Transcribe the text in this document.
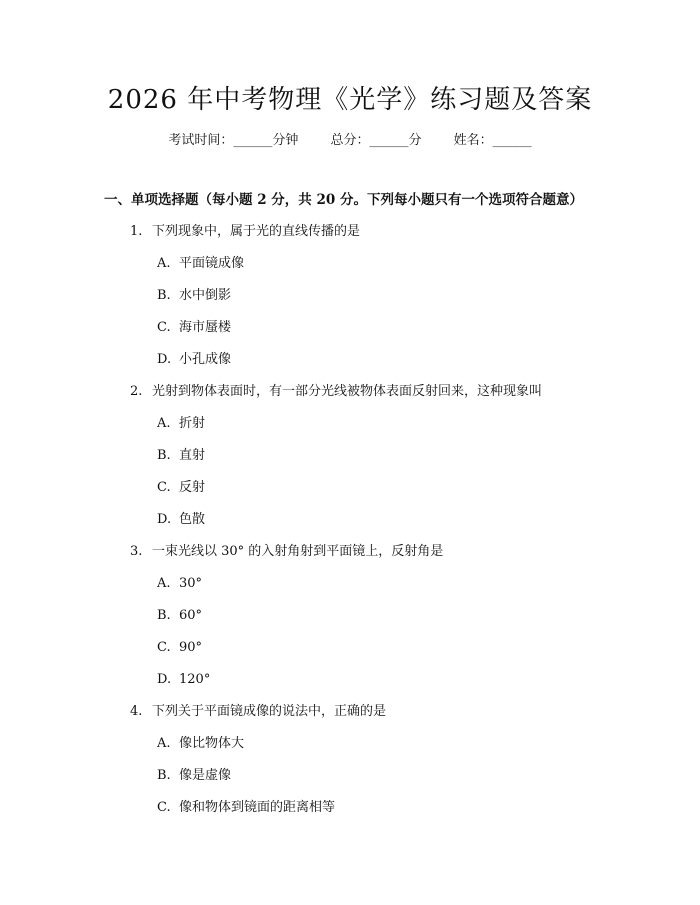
2026 年中考物理《光学》练习题及答案
考试时间：______分钟 总分：______分 姓名：______
一、单项选择题（每小题 2 分，共 20 分。下列每小题只有一个选项符合题意）
1. 下列现象中，属于光的直线传播的是
A. 平面镜成像
B. 水中倒影
C. 海市蜃楼
D. 小孔成像
2. 光射到物体表面时，有一部分光线被物体表面反射回来，这种现象叫
A. 折射
B. 直射
C. 反射
D. 色散
3. 一束光线以 30° 的入射角射到平面镜上，反射角是
A. 30°
B. 60°
C. 90°
D. 120°
4. 下列关于平面镜成像的说法中，正确的是
A. 像比物体大
B. 像是虚像
C. 像和物体到镜面的距离相等
